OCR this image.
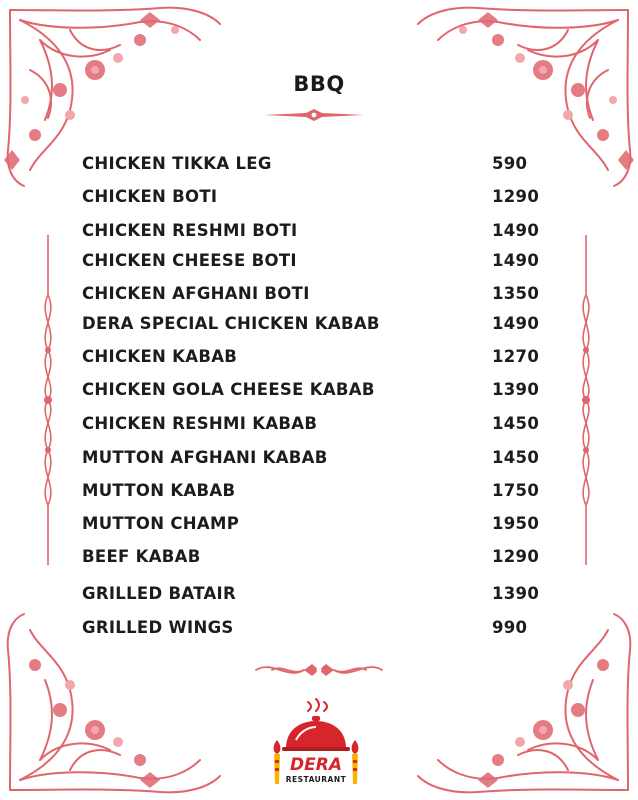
BBQ
CHICKEN TIKKA LEG	590
CHICKEN BOTI	1290
CHICKEN RESHMI BOTI	1490
CHICKEN CHEESE BOTI	1490
CHICKEN AFGHANI BOTI	1350
DERA SPECIAL CHICKEN KABAB	1490
CHICKEN KABAB	1270
CHICKEN GOLA CHEESE KABAB	1390
CHICKEN RESHMI KABAB	1450
MUTTON AFGHANI KABAB	1450
MUTTON KABAB	1750
MUTTON CHAMP	1950
BEEF KABAB	1290
GRILLED BATAIR	1390
GRILLED WINGS	990
DERA
RESTAURANT
